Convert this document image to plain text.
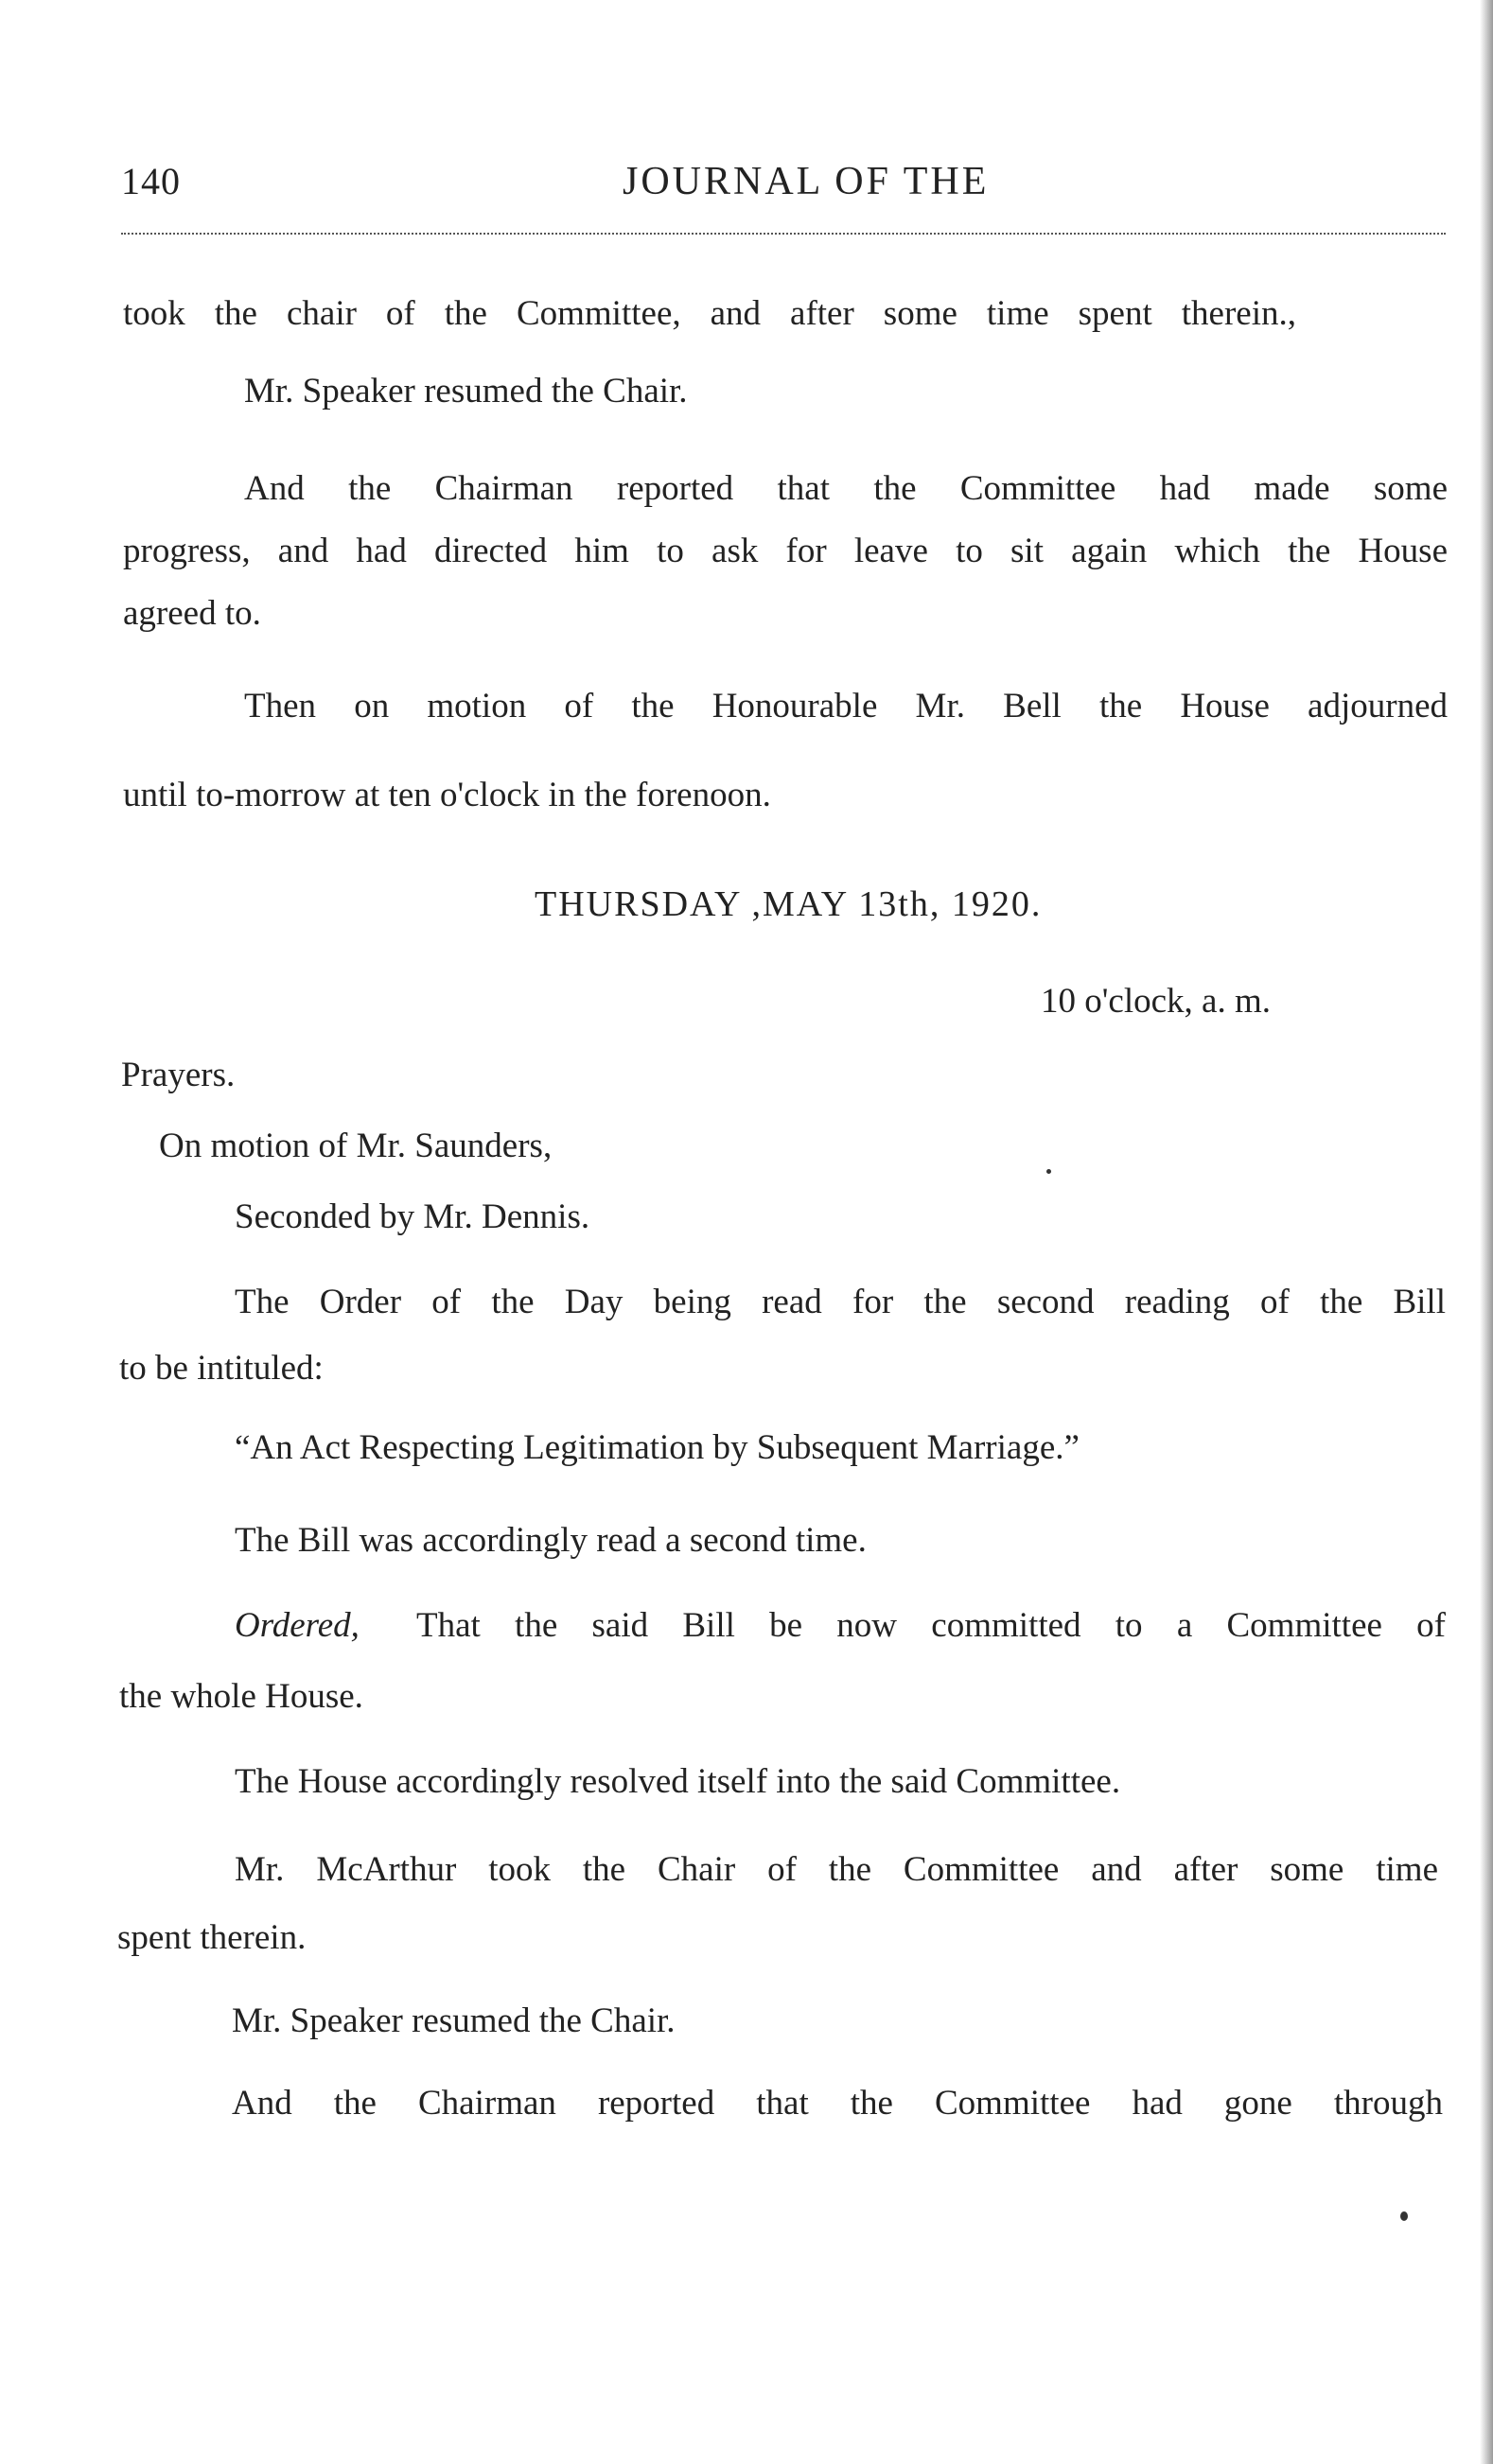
140	JOURNAL OF THE
took the chair of the Committee, and after some time spent therein.,
Mr. Speaker resumed the Chair.
And the Chairman reported that the Committee had made some
progress, and had directed him to ask for leave to sit again which the House
agreed to.
Then on motion of the Honourable Mr. Bell the House adjourned
until to-morrow at ten o'clock in the forenoon.
THURSDAY ,MAY 13th, 1920.
10 o'clock, a. m.
Prayers.
On motion of Mr. Saunders,
Seconded by Mr. Dennis.
The Order of the Day being read for the second reading of the Bill
to be intituled:
“An Act Respecting Legitimation by Subsequent Marriage.”
The Bill was accordingly read a second time.
Ordered, That the said Bill be now committed to a Committee of
the whole House.
The House accordingly resolved itself into the said Committee.
Mr. McArthur took the Chair of the Committee and after some time
spent therein.
Mr. Speaker resumed the Chair.
And the Chairman reported that the Committee had gone through
